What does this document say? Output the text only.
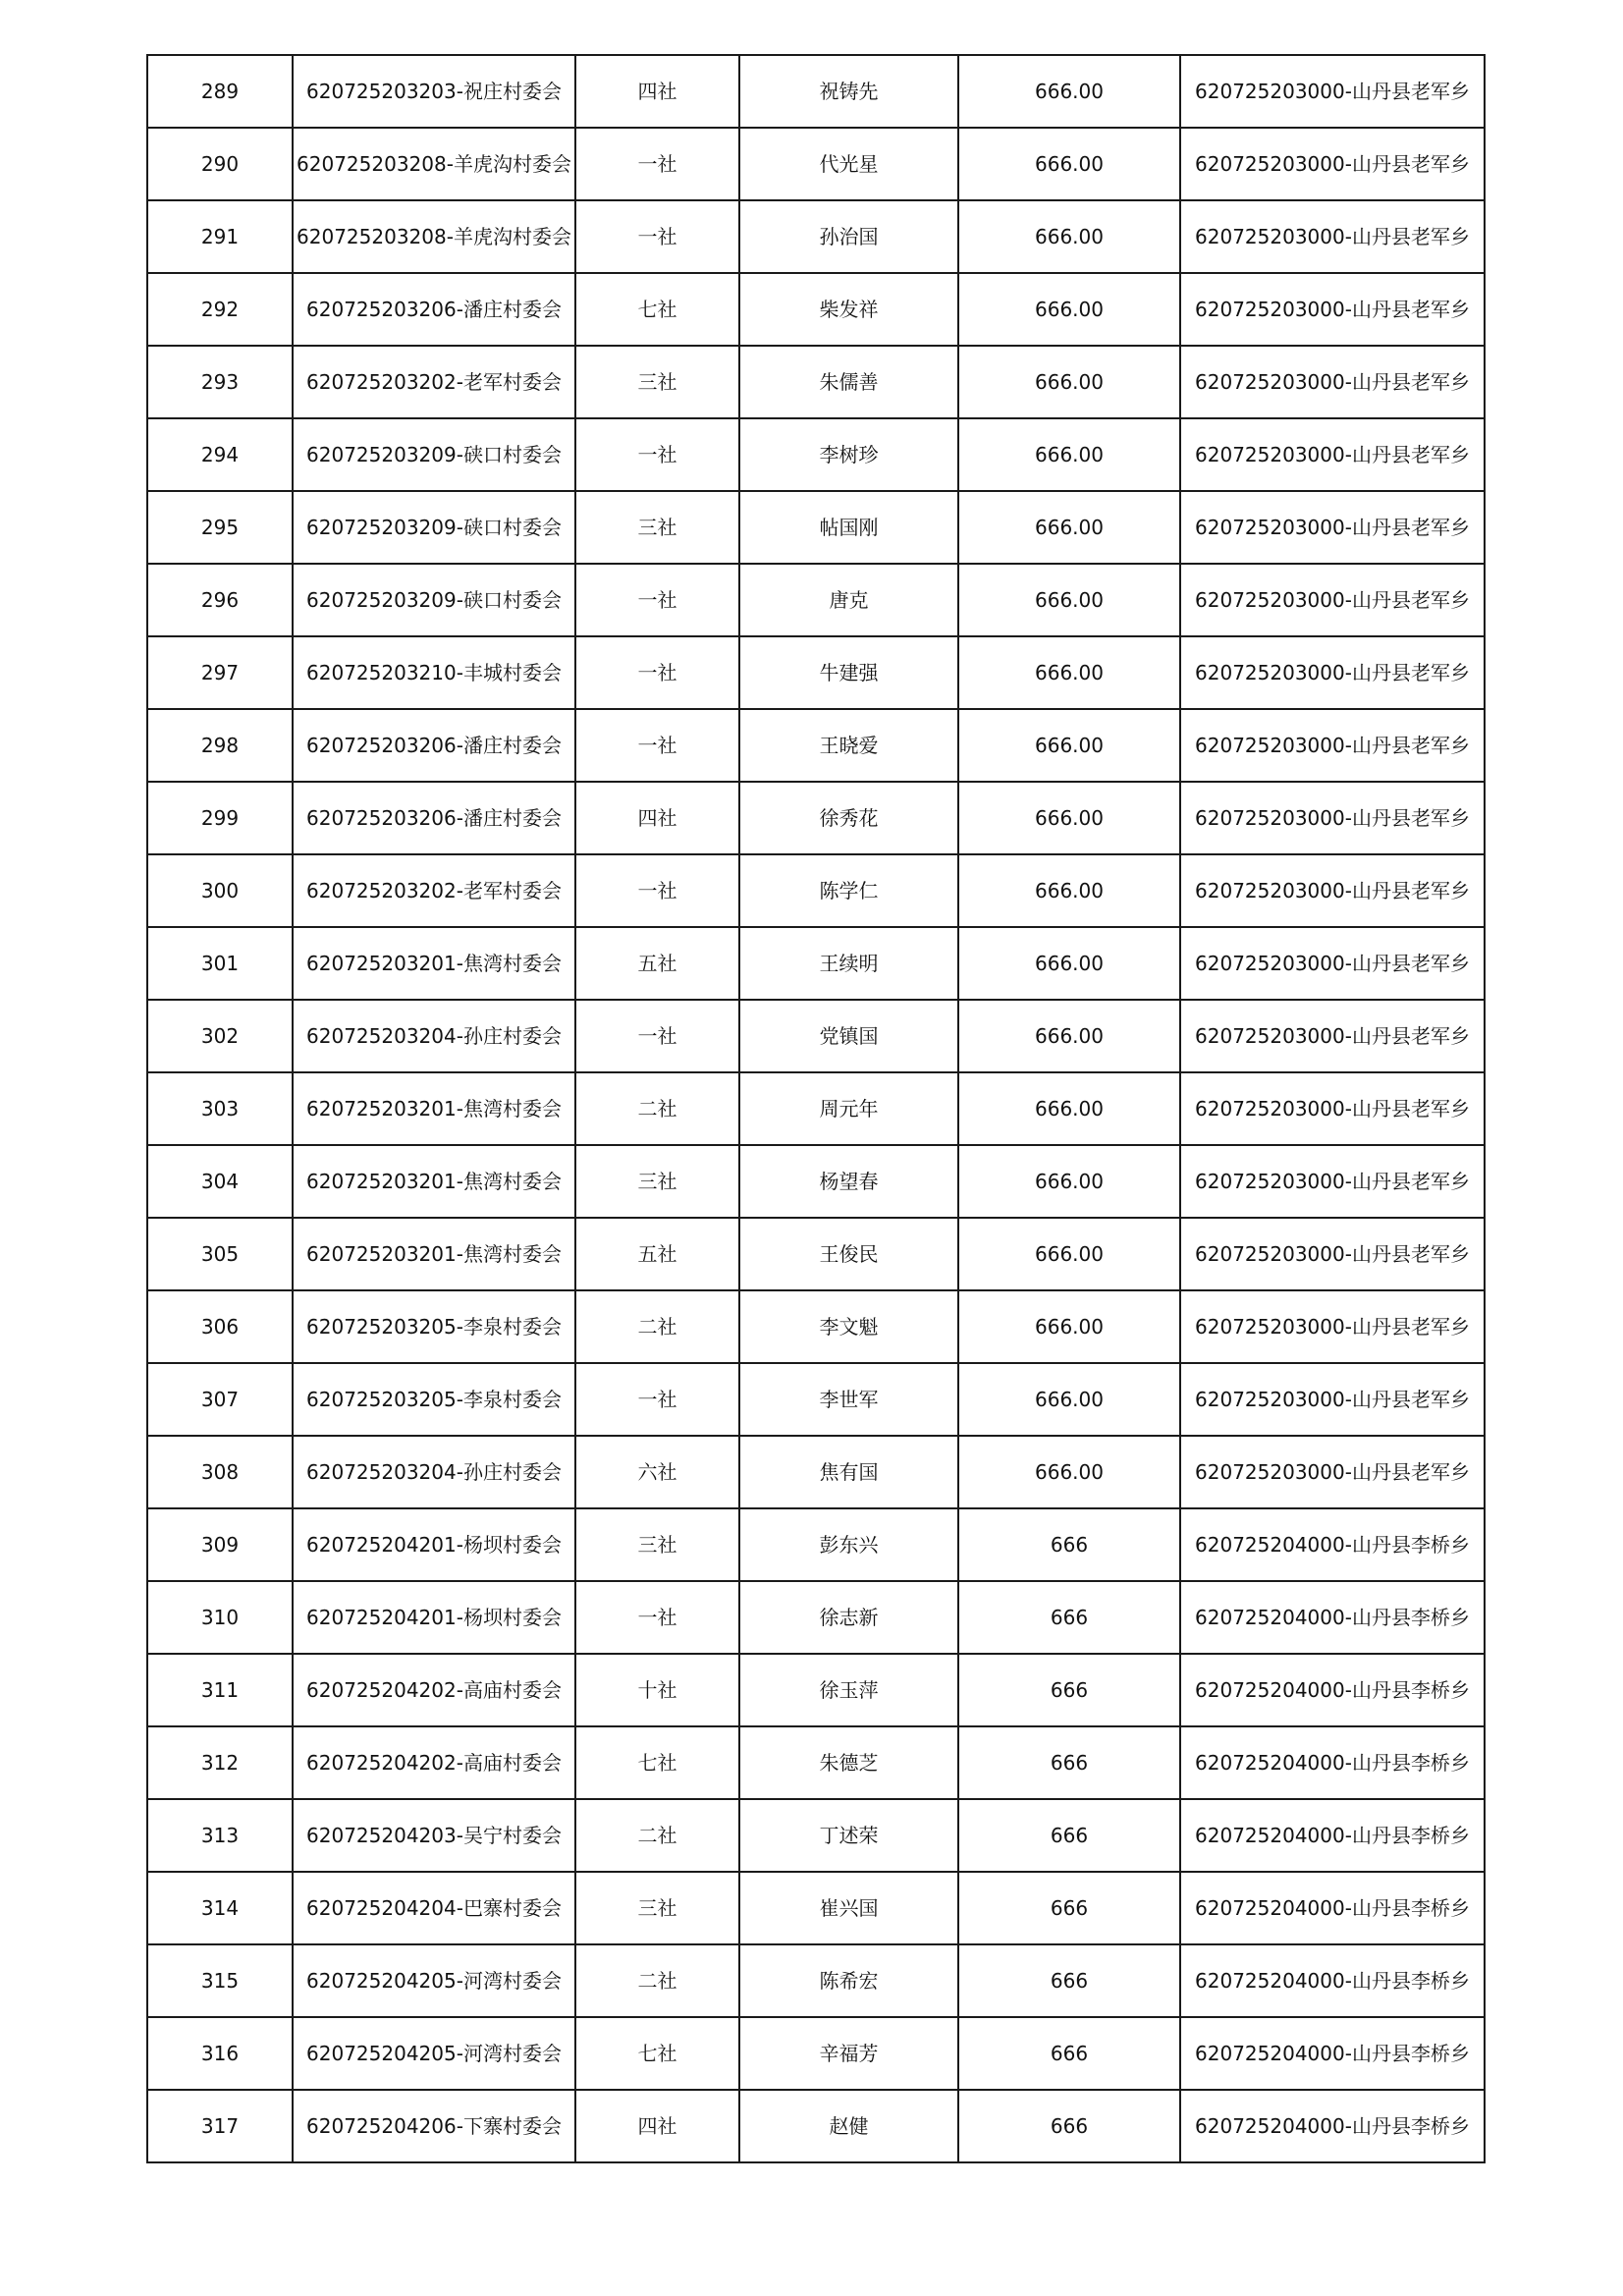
289	620725203203-祝庄村委会	四社	祝铸先	666.00	620725203000-山丹县老军乡
290	620725203208-羊虎沟村委会	一社	代光星	666.00	620725203000-山丹县老军乡
291	620725203208-羊虎沟村委会	一社	孙治国	666.00	620725203000-山丹县老军乡
292	620725203206-潘庄村委会	七社	柴发祥	666.00	620725203000-山丹县老军乡
293	620725203202-老军村委会	三社	朱儒善	666.00	620725203000-山丹县老军乡
294	620725203209-硖口村委会	一社	李树珍	666.00	620725203000-山丹县老军乡
295	620725203209-硖口村委会	三社	帖国刚	666.00	620725203000-山丹县老军乡
296	620725203209-硖口村委会	一社	唐克	666.00	620725203000-山丹县老军乡
297	620725203210-丰城村委会	一社	牛建强	666.00	620725203000-山丹县老军乡
298	620725203206-潘庄村委会	一社	王晓爱	666.00	620725203000-山丹县老军乡
299	620725203206-潘庄村委会	四社	徐秀花	666.00	620725203000-山丹县老军乡
300	620725203202-老军村委会	一社	陈学仁	666.00	620725203000-山丹县老军乡
301	620725203201-焦湾村委会	五社	王续明	666.00	620725203000-山丹县老军乡
302	620725203204-孙庄村委会	一社	党镇国	666.00	620725203000-山丹县老军乡
303	620725203201-焦湾村委会	二社	周元年	666.00	620725203000-山丹县老军乡
304	620725203201-焦湾村委会	三社	杨望春	666.00	620725203000-山丹县老军乡
305	620725203201-焦湾村委会	五社	王俊民	666.00	620725203000-山丹县老军乡
306	620725203205-李泉村委会	二社	李文魁	666.00	620725203000-山丹县老军乡
307	620725203205-李泉村委会	一社	李世军	666.00	620725203000-山丹县老军乡
308	620725203204-孙庄村委会	六社	焦有国	666.00	620725203000-山丹县老军乡
309	620725204201-杨坝村委会	三社	彭东兴	666	620725204000-山丹县李桥乡
310	620725204201-杨坝村委会	一社	徐志新	666	620725204000-山丹县李桥乡
311	620725204202-高庙村委会	十社	徐玉萍	666	620725204000-山丹县李桥乡
312	620725204202-高庙村委会	七社	朱德芝	666	620725204000-山丹县李桥乡
313	620725204203-吴宁村委会	二社	丁述荣	666	620725204000-山丹县李桥乡
314	620725204204-巴寨村委会	三社	崔兴国	666	620725204000-山丹县李桥乡
315	620725204205-河湾村委会	二社	陈希宏	666	620725204000-山丹县李桥乡
316	620725204205-河湾村委会	七社	辛福芳	666	620725204000-山丹县李桥乡
317	620725204206-下寨村委会	四社	赵健	666	620725204000-山丹县李桥乡
